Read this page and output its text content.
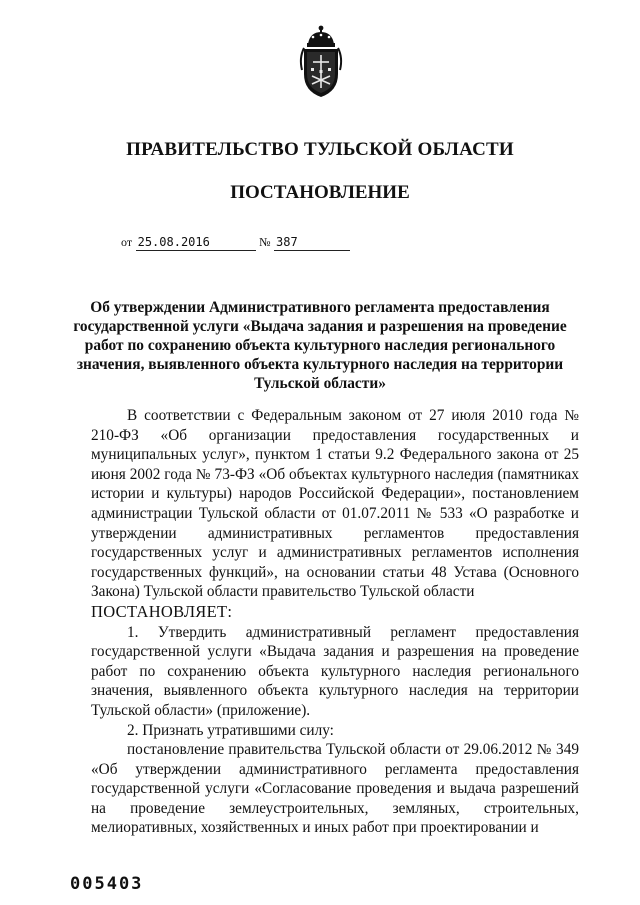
ПРАВИТЕЛЬСТВО ТУЛЬСКОЙ ОБЛАСТИ
ПОСТАНОВЛЕНИЕ
от 25.08.2016	№ 387
Об утверждении Административного регламента предоставления государственной услуги «Выдача задания и разрешения на проведение работ по сохранению объекта культурного наследия регионального значения, выявленного объекта культурного наследия на территории Тульской области»

В соответствии с Федеральным законом от 27 июля 2010 года № 210-ФЗ «Об организации предоставления государственных и муниципальных услуг», пунктом 1 статьи 9.2 Федерального закона от 25 июня 2002 года № 73-ФЗ «Об объектах культурного наследия (памятниках истории и культуры) народов Российской Федерации», постановлением администрации Тульской области от 01.07.2011 № 533 «О разработке и утверждении административных регламентов предоставления государственных услуг и административных регламентов исполнения государственных функций», на основании статьи 48 Устава (Основного Закона) Тульской области правительство Тульской области

ПОСТАНОВЛЯЕТ:

1. Утвердить административный регламент предоставления государственной услуги «Выдача задания и разрешения на проведение работ по сохранению объекта культурного наследия регионального значения, выявленного объекта культурного наследия на территории Тульской области» (приложение).

2. Признать утратившими силу:

постановление правительства Тульской области от 29.06.2012 № 349 «Об утверждении административного регламента предоставления государственной услуги «Согласование проведения и выдача разрешений на проведение землеустроительных, земляных, строительных, мелиоративных, хозяйственных и иных работ при проектировании и

005403
